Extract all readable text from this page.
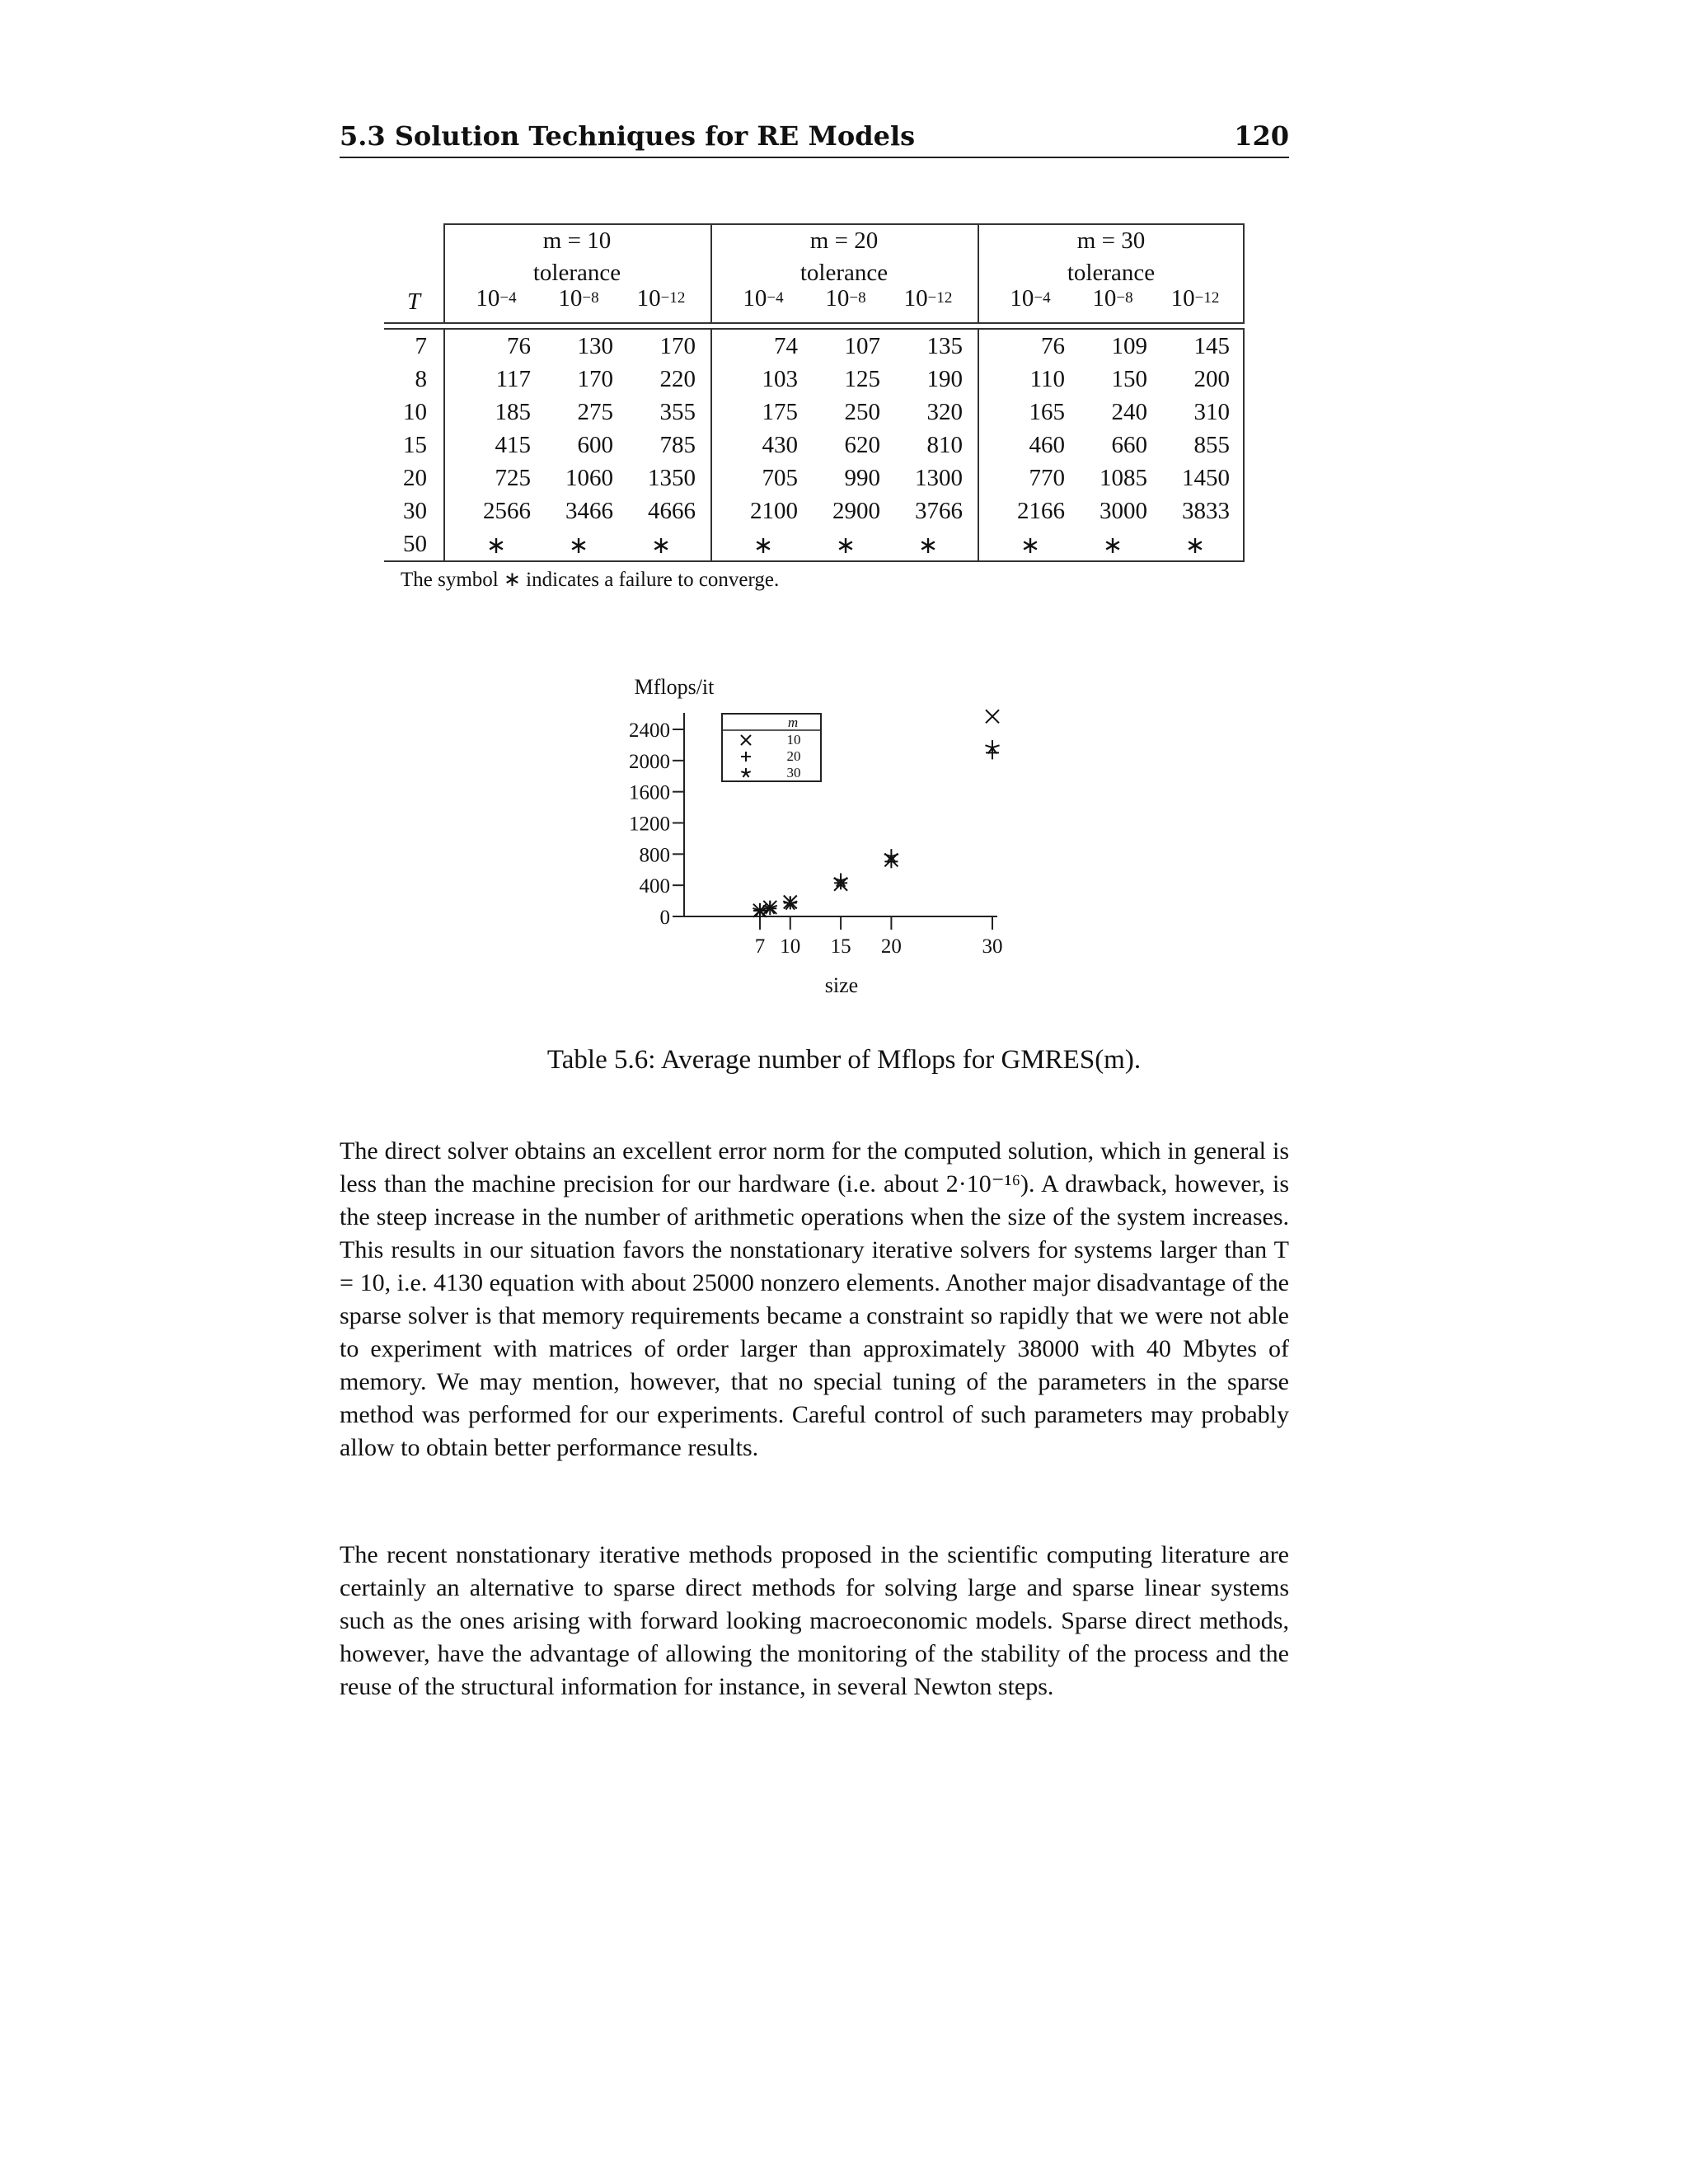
5.3 Solution Techniques for RE Models	120
m = 10
tolerance
m = 20
tolerance
m = 30
tolerance
T	$10^{-4}$	$10^{-8}$	$10^{-12}$	$10^{-4}$	$10^{-8}$	$10^{-12}$	$10^{-4}$	$10^{-8}$	$10^{-12}$
7	76	130	170	74	107	135	76	109	145
8	117	170	220	103	125	190	110	150	200
10	185	275	355	175	250	320	165	240	310
15	415	600	785	430	620	810	460	660	855
20	725	1060	1350	705	990	1300	770	1085	1450
30	2566	3466	4666	2100	2900	3766	2166	3000	3833
50	∗	∗	∗	∗	∗	∗	∗	∗	∗
The symbol ∗ indicates a failure to converge.
Mflops/it
size
0
400
800
1200
1600
2000
2400
7 10 15 20	30
m
10
20
30
Table 5.6: Average number of Mflops for GMRES(m).
The direct solver obtains an excellent error norm for the computed solution, which in general is less than the machine precision for our hardware (i.e. about 2·10⁻¹⁶). A drawback, however, is the steep increase in the number of arithmetic operations when the size of the system increases. This results in our situation favors the nonstationary iterative solvers for systems larger than T = 10, i.e. 4130 equation with about 25000 nonzero elements. Another major disadvantage of the sparse solver is that memory requirements became a constraint so rapidly that we were not able to experiment with matrices of order larger than approximately 38000 with 40 Mbytes of memory. We may mention, however, that no special tuning of the parameters in the sparse method was performed for our experiments. Careful control of such parameters may probably allow to obtain better performance results.
The recent nonstationary iterative methods proposed in the scientific computing literature are certainly an alternative to sparse direct methods for solving large and sparse linear systems such as the ones arising with forward looking macroeconomic models. Sparse direct methods, however, have the advantage of allowing the monitoring of the stability of the process and the reuse of the structural information for instance, in several Newton steps.
